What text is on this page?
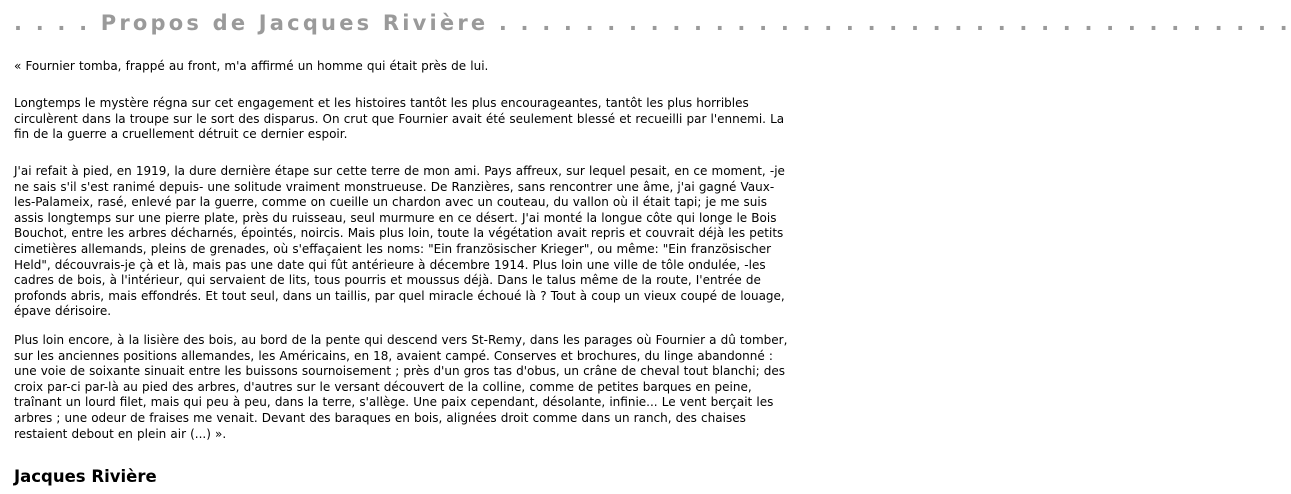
. . . . Propos de Jacques Rivière . . . . . . . . . . . . . . . . . . . . . . . . . . . . . . . . . . . . .

« Fournier tomba, frappé au front, m'a affirmé un homme qui était près de lui.

Longtemps le mystère régna sur cet engagement et les histoires tantôt les plus encourageantes, tantôt les plus horribles circulèrent dans la troupe sur le sort des disparus. On crut que Fournier avait été seulement blessé et recueilli par l'ennemi. La fin de la guerre a cruellement détruit ce dernier espoir.

J'ai refait à pied, en 1919, la dure dernière étape sur cette terre de mon ami. Pays affreux, sur lequel pesait, en ce moment, -je ne sais s'il s'est ranimé depuis- une solitude vraiment monstrueuse. De Ranzières, sans rencontrer une âme, j'ai gagné Vaux-les-Palameix, rasé, enlevé par la guerre, comme on cueille un chardon avec un couteau, du vallon où il était tapi; je me suis assis longtemps sur une pierre plate, près du ruisseau, seul murmure en ce désert. J'ai monté la longue côte qui longe le Bois Bouchot, entre les arbres décharnés, épointés, noircis. Mais plus loin, toute la végétation avait repris et couvrait déjà les petits cimetières allemands, pleins de grenades, où s'effaçaient les noms: "Ein französischer Krieger", ou même: "Ein französischer Held", découvrais-je çà et là, mais pas une date qui fût antérieure à décembre 1914. Plus loin une ville de tôle ondulée, -les cadres de bois, à l'intérieur, qui servaient de lits, tous pourris et moussus déjà. Dans le talus même de la route, I'entrée de profonds abris, mais effondrés. Et tout seul, dans un taillis, par quel miracle échoué là ? Tout à coup un vieux coupé de louage, épave dérisoire.

Plus loin encore, à la lisière des bois, au bord de la pente qui descend vers St-Remy, dans les parages où Fournier a dû tomber, sur les anciennes positions allemandes, les Américains, en 18, avaient campé. Conserves et brochures, du linge abandonné : une voie de soixante sinuait entre les buissons sournoisement ; près d'un gros tas d'obus, un crâne de cheval tout blanchi; des croix par-ci par-là au pied des arbres, d'autres sur le versant découvert de la colline, comme de petites barques en peine, traînant un lourd filet, mais qui peu à peu, dans la terre, s'allège. Une paix cependant, désolante, infinie... Le vent berçait les arbres ; une odeur de fraises me venait. Devant des baraques en bois, alignées droit comme dans un ranch, des chaises restaient debout en plein air (...) ».

Jacques Rivière
